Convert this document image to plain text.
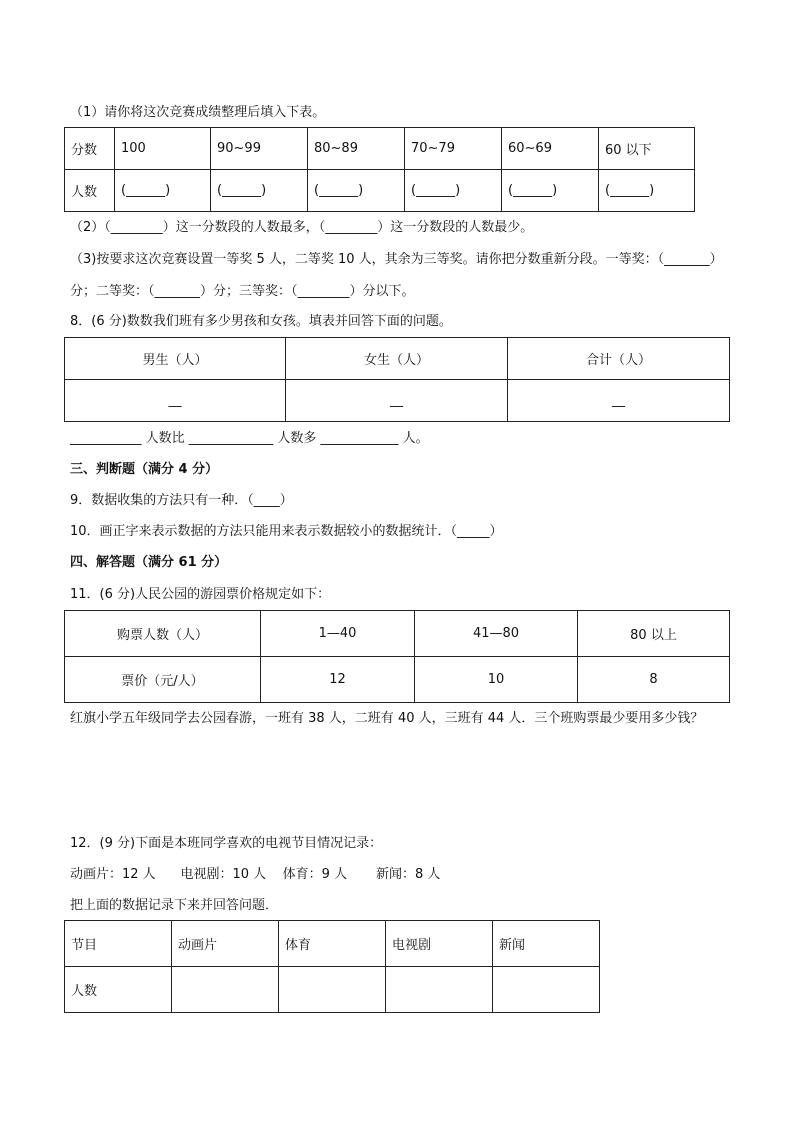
（1）请你将这次竞赛成绩整理后填入下表。
分数	100	90~99	80~89	70~79	60~69	60 以下
人数	(______)	(______)	(______)	(______)	(______)	(______)
（2）（________）这一分数段的人数最多，（________）这一分数段的人数最少。
（3)按要求这次竞赛设置一等奖 5 人，二等奖 10 人，其余为三等奖。请你把分数重新分段。一等奖：（_______）
分；二等奖：（_______）分；三等奖：（________）分以下。
8．(6 分)数数我们班有多少男孩和女孩。填表并回答下面的问题。
男生（人）	女生（人）	合计（人）
__	__	__
___________ 人数比 _____________ 人数多 ____________ 人。
三、判断题（满分 4 分）
9．数据收集的方法只有一种．（____）
10．画正字来表示数据的方法只能用来表示数据较小的数据统计．（_____）
四、解答题（满分 61 分）
11．(6 分)人民公园的游园票价格规定如下：
购票人数（人）	1—40	41—80	80 以上
票价（元/人）	12	10	8
红旗小学五年级同学去公园春游，一班有 38 人，二班有 40 人，三班有 44 人．三个班购票最少要用多少钱？
12．(9 分)下面是本班同学喜欢的电视节目情况记录：
动画片：12 人      电视剧：10 人    体育：9 人       新闻：8 人
把上面的数据记录下来并回答问题．
节目	动画片	体育	电视剧	新闻
人数				
